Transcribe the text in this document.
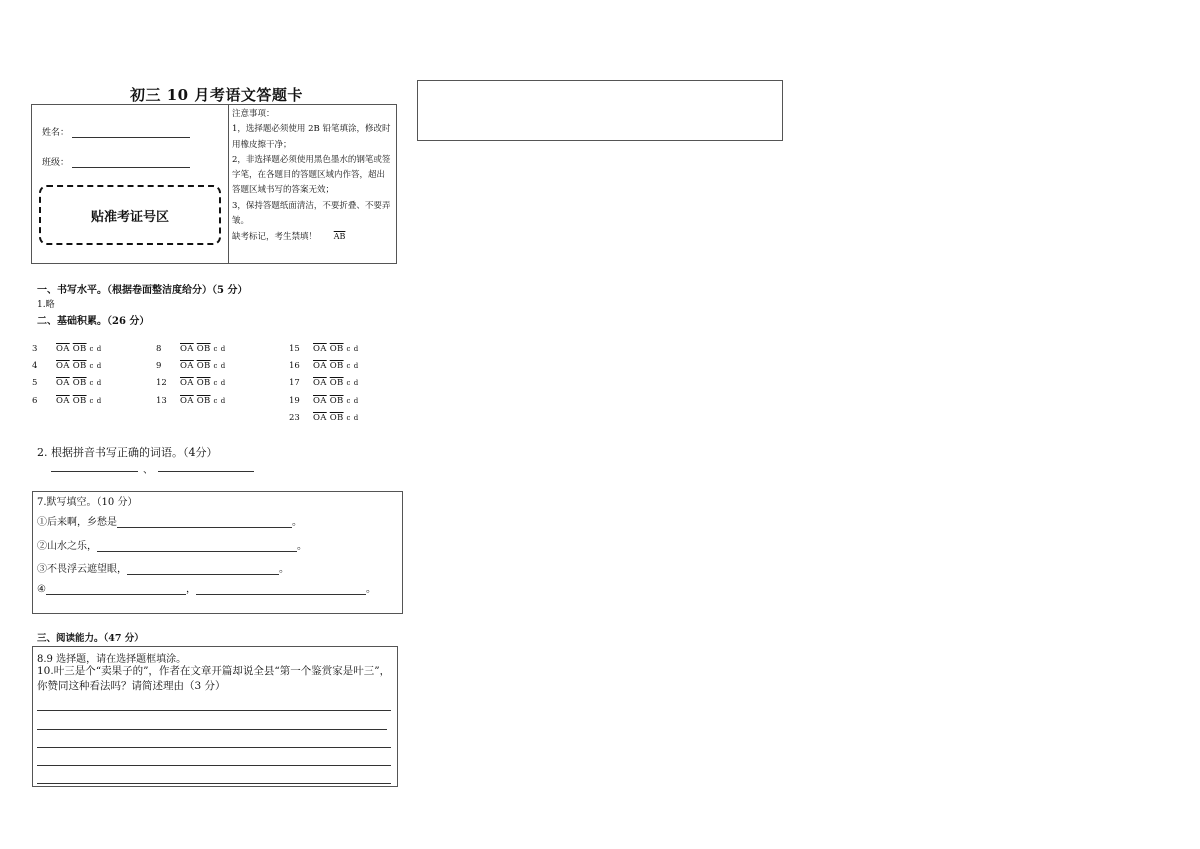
初三 10 月考语文答题卡
姓名：
班级：
贴准考证号区

注意事项：

1，选择题必须使用 2B 铅笔填涂，修改时用橡皮擦干净；

2，非选择题必须使用黑色墨水的钢笔或签字笔，在各题目的答题区域内作答，超出答题区域书写的答案无效；

3，保持答题纸面清洁，不要折叠、不要弄皱。

缺考标记，考生禁填！ $\overline{AB}$

一、书写水平。（根据卷面整洁度给分）（5 分）
1.略
二、基础积累。（26 分）
3	$\overline{OA}$ $\overline{OB}$ c d
4	$\overline{OA}$ $\overline{OB}$ c d
5	$\overline{OA}$ $\overline{OB}$ c d
6	$\overline{OA}$ $\overline{OB}$ c d
8	$\overline{OA}$ $\overline{OB}$ c d
9	$\overline{OA}$ $\overline{OB}$ c d
12	$\overline{OA}$ $\overline{OB}$ c d
13	$\overline{OA}$ $\overline{OB}$ c d
15	$\overline{OA}$ $\overline{OB}$ c d
16	$\overline{OA}$ $\overline{OB}$ c d
17	$\overline{OA}$ $\overline{OB}$ c d
19	$\overline{OA}$ $\overline{OB}$ c d
23	$\overline{OA}$ $\overline{OB}$ c d
2. 根据拼音书写正确的词语。（4分）
、
7.默写填空。（10 分）
①后来啊，乡愁是	。
②山水之乐，	。
③不畏浮云遮望眼，	。
④	，	。
三、阅读能力。（47 分）
8.9 选择题，请在选择题框填涂。
10.叶三是个“卖果子的”，作者在文章开篇却说全县“第一个鉴赏家是叶三”，你赞同这种看法吗？请简述理由（3 分）
